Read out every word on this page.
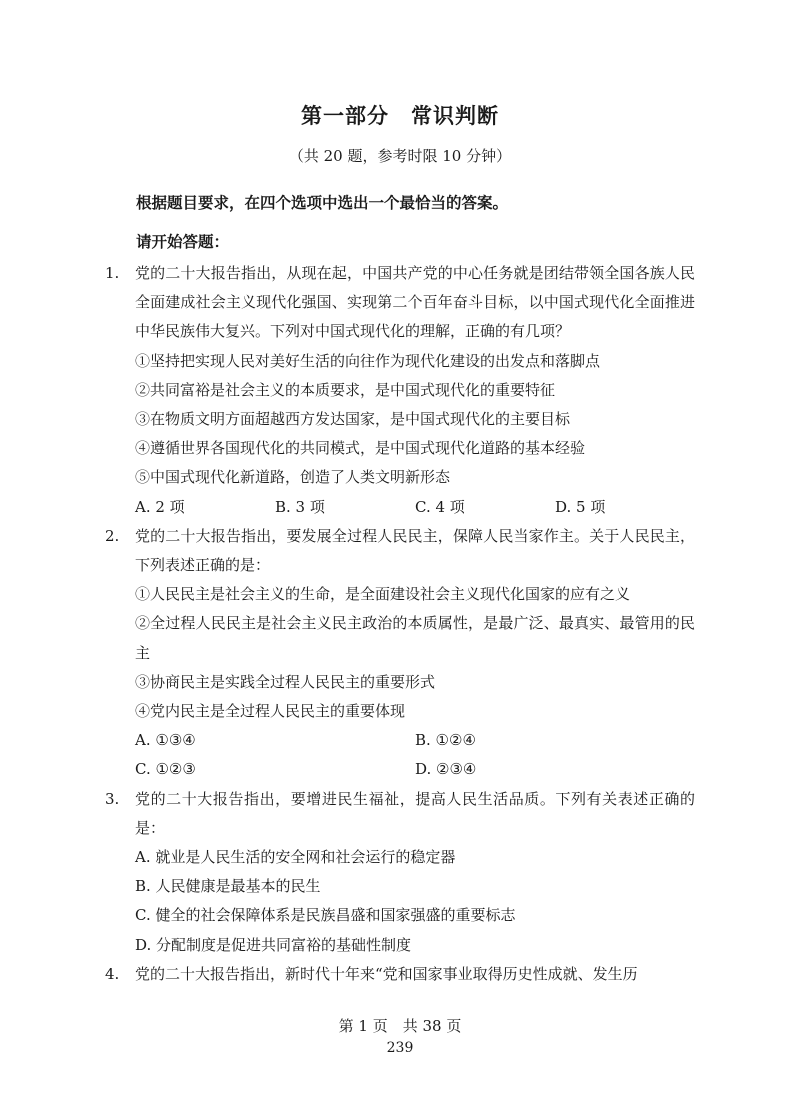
第一部分　常识判断
（共 20 题，参考时限 10 分钟）
根据题目要求，在四个选项中选出一个最恰当的答案。
请开始答题：
1. 党的二十大报告指出，从现在起，中国共产党的中心任务就是团结带领全国各族人民全面建成社会主义现代化强国、实现第二个百年奋斗目标，以中国式现代化全面推进中华民族伟大复兴。下列对中国式现代化的理解，正确的有几项？
①坚持把实现人民对美好生活的向往作为现代化建设的出发点和落脚点
②共同富裕是社会主义的本质要求，是中国式现代化的重要特征
③在物质文明方面超越西方发达国家，是中国式现代化的主要目标
④遵循世界各国现代化的共同模式，是中国式现代化道路的基本经验
⑤中国式现代化新道路，创造了人类文明新形态
A. 2 项	B. 3 项	C. 4 项	D. 5 项
2. 党的二十大报告指出，要发展全过程人民民主，保障人民当家作主。关于人民民主，下列表述正确的是：
①人民民主是社会主义的生命，是全面建设社会主义现代化国家的应有之义
②全过程人民民主是社会主义民主政治的本质属性，是最广泛、最真实、最管用的民主
③协商民主是实践全过程人民民主的重要形式
④党内民主是全过程人民民主的重要体现
A. ①③④	B. ①②④
C. ①②③	D. ②③④
3. 党的二十大报告指出，要增进民生福祉，提高人民生活品质。下列有关表述正确的是：
A. 就业是人民生活的安全网和社会运行的稳定器
B. 人民健康是最基本的民生
C. 健全的社会保障体系是民族昌盛和国家强盛的重要标志
D. 分配制度是促进共同富裕的基础性制度
4. 党的二十大报告指出，新时代十年来“党和国家事业取得历史性成就、发生历
第 1 页　共 38 页
239
